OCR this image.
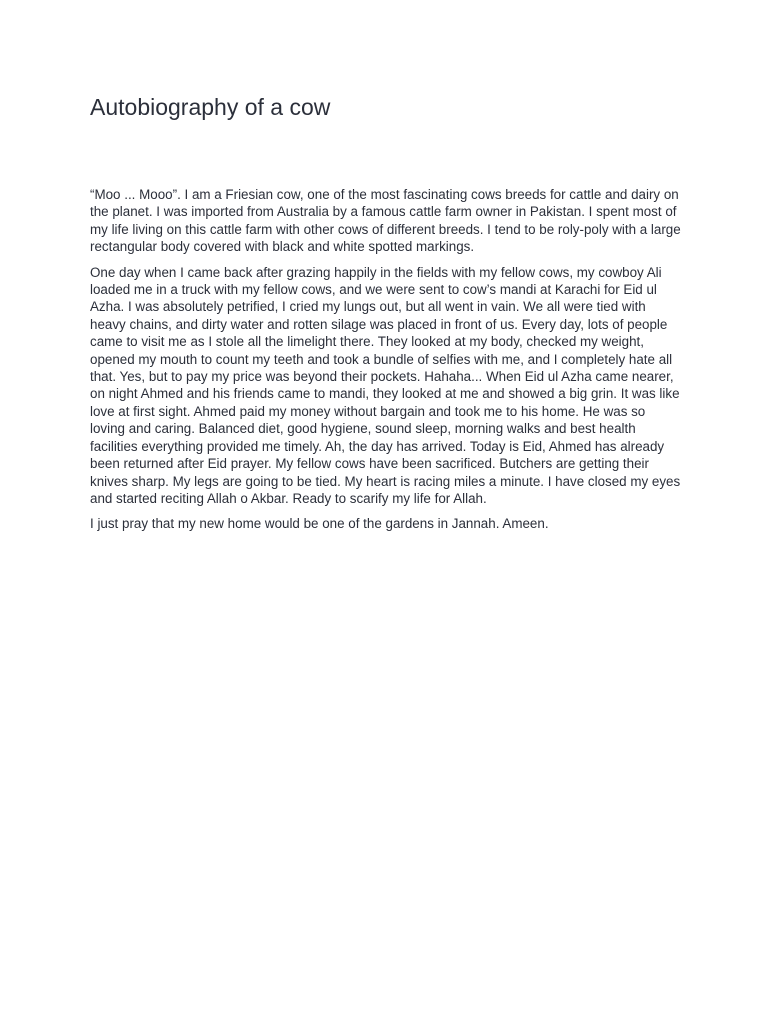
Autobiography of a cow

“Moo ... Mooo”. I am a Friesian cow, one of the most fascinating cows breeds for cattle and dairy on the planet. I was imported from Australia by a famous cattle farm owner in Pakistan. I spent most of my life living on this cattle farm with other cows of different breeds. I tend to be roly-poly with a large rectangular body covered with black and white spotted markings.

One day when I came back after grazing happily in the fields with my fellow cows, my cowboy Ali loaded me in a truck with my fellow cows, and we were sent to cow’s mandi at Karachi for Eid ul Azha. I was absolutely petrified, I cried my lungs out, but all went in vain. We all were tied with heavy chains, and dirty water and rotten silage was placed in front of us. Every day, lots of people came to visit me as I stole all the limelight there. They looked at my body, checked my weight, opened my mouth to count my teeth and took a bundle of selfies with me, and I completely hate all that. Yes, but to pay my price was beyond their pockets. Hahaha... When Eid ul Azha came nearer, on night Ahmed and his friends came to mandi, they looked at me and showed a big grin. It was like love at first sight. Ahmed paid my money without bargain and took me to his home. He was so loving and caring. Balanced diet, good hygiene, sound sleep, morning walks and best health facilities everything provided me timely. Ah, the day has arrived. Today is Eid, Ahmed has already been returned after Eid prayer. My fellow cows have been sacrificed. Butchers are getting their knives sharp. My legs are going to be tied. My heart is racing miles a minute. I have closed my eyes and started reciting Allah o Akbar. Ready to scarify my life for Allah.

I just pray that my new home would be one of the gardens in Jannah. Ameen.
